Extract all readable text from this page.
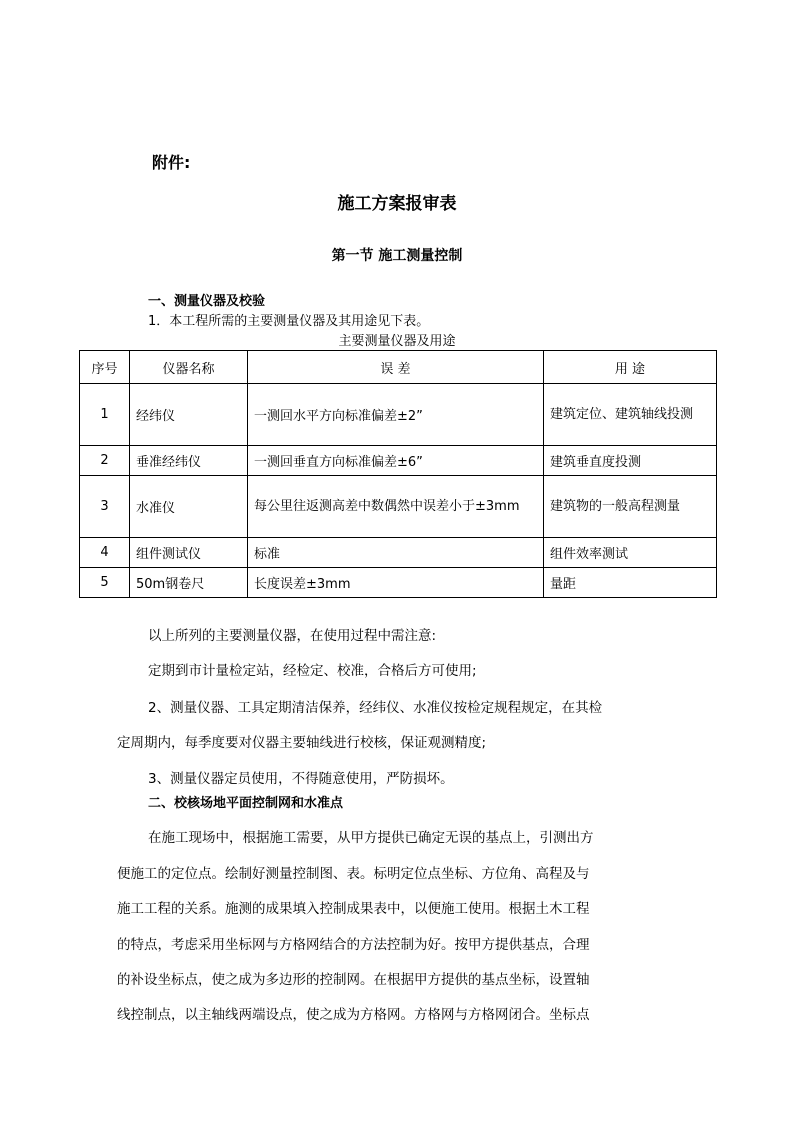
附件:
施工方案报审表
第一节 施工测量控制
一、测量仪器及校验
1．本工程所需的主要测量仪器及其用途见下表。
主要测量仪器及用途
序号	仪器名称	误 差	用 途
1	经纬仪	一测回水平方向标准偏差±2”	建筑定位、建筑轴线投测
2	垂准经纬仪	一测回垂直方向标准偏差±6”	建筑垂直度投测
3	水准仪	每公里往返测高差中数偶然中误差小于±3mm	建筑物的一般高程测量
4	组件测试仪	标准	组件效率测试
5	50m钢卷尺	长度误差±3mm	量距
以上所列的主要测量仪器，在使用过程中需注意:
定期到市计量检定站，经检定、校准，合格后方可使用;
2、测量仪器、工具定期清洁保养，经纬仪、水准仪按检定规程规定，在其检
定周期内，每季度要对仪器主要轴线进行校核，保证观测精度;
3、测量仪器定员使用，不得随意使用，严防损坏。
二、校核场地平面控制网和水准点
在施工现场中，根据施工需要，从甲方提供已确定无误的基点上，引测出方
便施工的定位点。绘制好测量控制图、表。标明定位点坐标、方位角、高程及与
施工工程的关系。施测的成果填入控制成果表中，以便施工使用。根据土木工程
的特点，考虑采用坐标网与方格网结合的方法控制为好。按甲方提供基点，合理
的补设坐标点，使之成为多边形的控制网。在根据甲方提供的基点坐标，设置轴
线控制点，以主轴线两端设点，使之成为方格网。方格网与方格网闭合。坐标点
